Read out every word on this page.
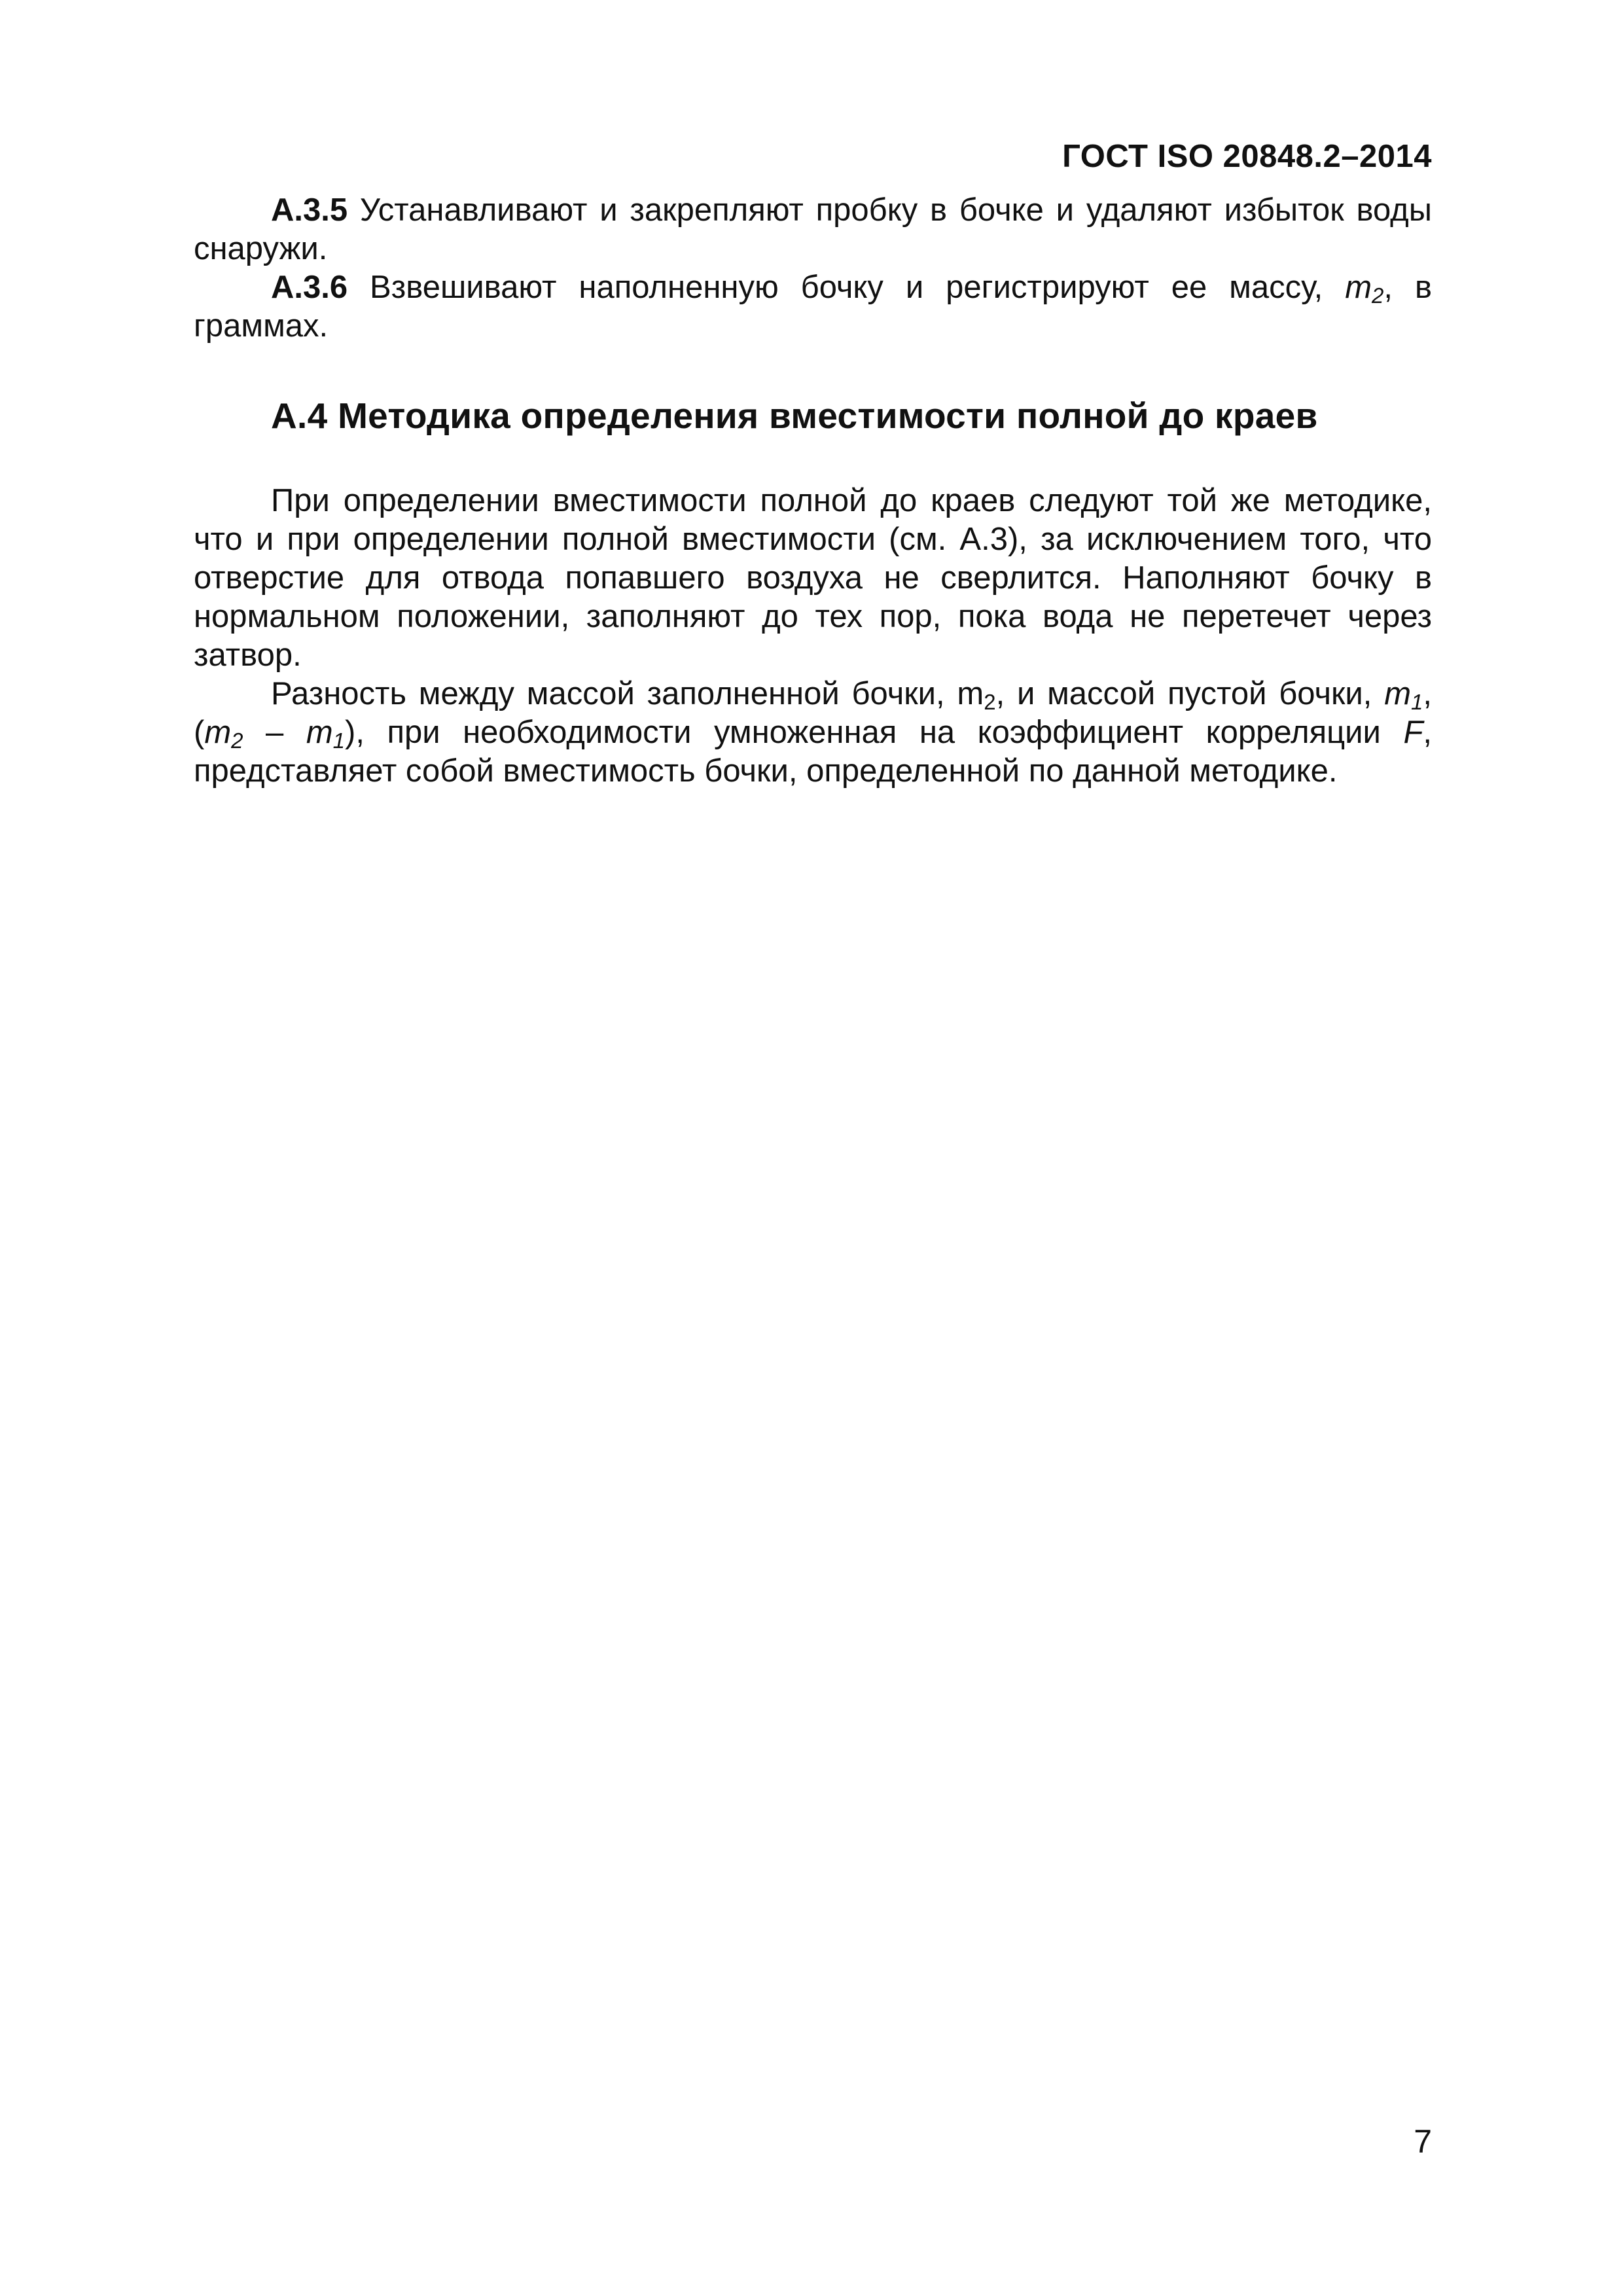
ГОСТ ISO 20848.2–2014

А.3.5 Устанавливают и закрепляют пробку в бочке и удаляют избыток воды снаружи.

А.3.6 Взвешивают наполненную бочку и регистрируют ее массу, $m_2$, в граммах.

А.4 Методика определения вместимости полной до краев

При определении вместимости полной до краев следуют той же методике, что и при определении полной вместимости (см. А.3), за исключением того, что отверстие для отвода попавшего воздуха не сверлится. Наполняют бочку в нормальном положении, заполняют до тех пор, пока вода не перетечет через затвор.

Разность между массой заполненной бочки, $m_2$, и массой пустой бочки, $m_1$, $(m_2 - m_1)$, при необходимости умноженная на коэффициент корреляции F, представляет собой вместимость бочки, определенной по данной методике.

7
